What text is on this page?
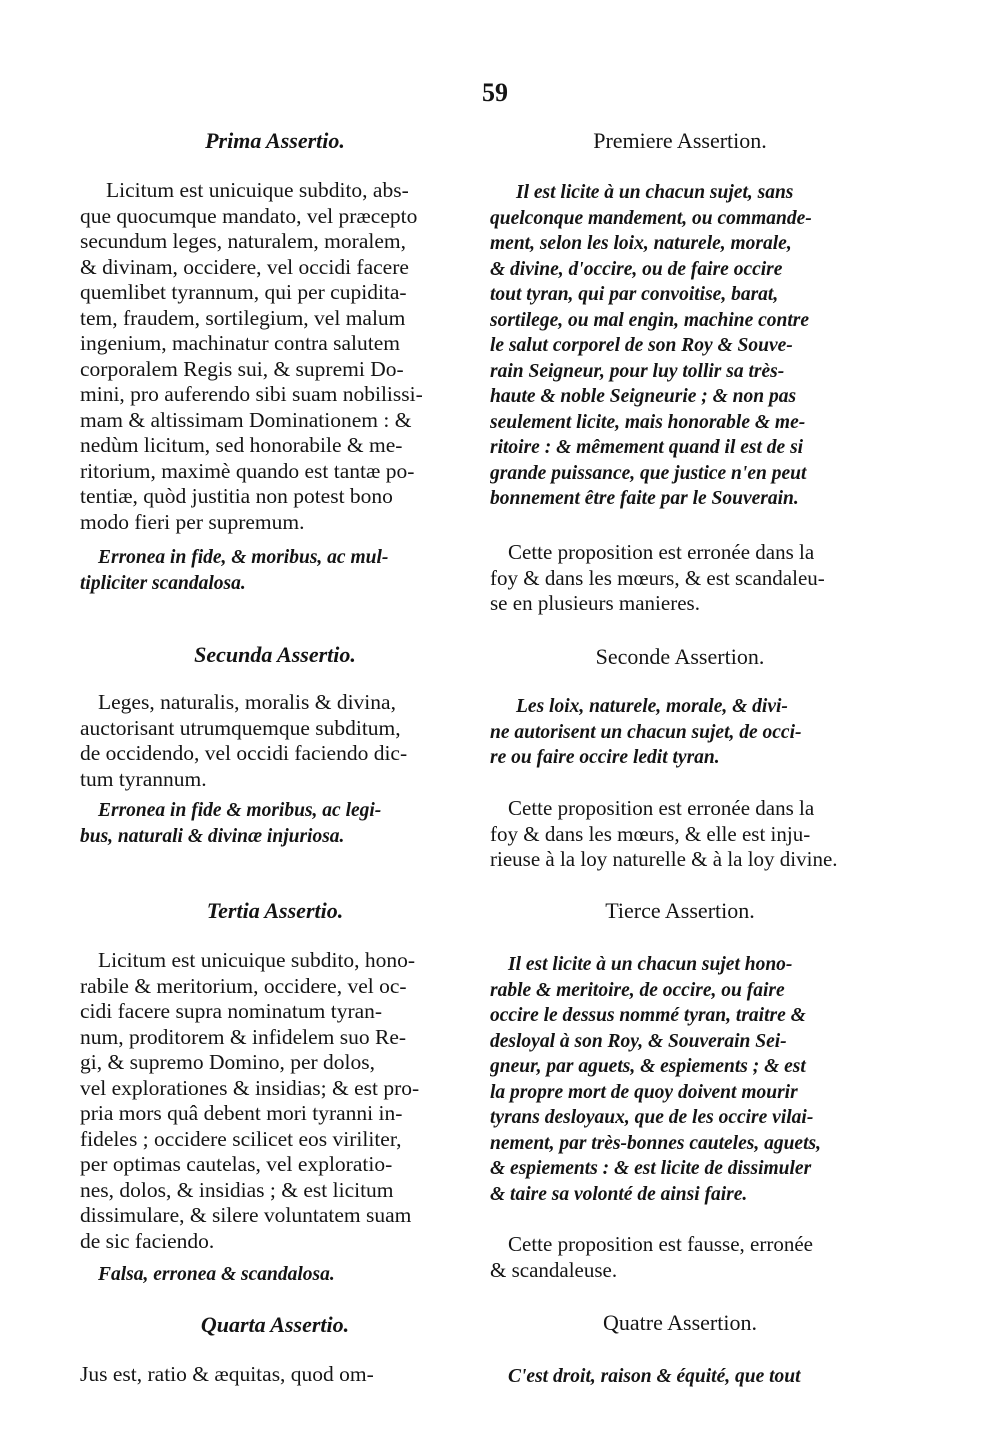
59
Prima Assertio.
Licitum est unicuique subdito, abs-
que quocumque mandato, vel præcepto
secundum leges, naturalem, moralem,
& divinam, occidere, vel occidi facere
quemlibet tyrannum, qui per cupidita-
tem, fraudem, sortilegium, vel malum
ingenium, machinatur contra salutem
corporalem Regis sui, & supremi Do-
mini, pro auferendo sibi suam nobilissi-
mam & altissimam Dominationem : &
nedùm licitum, sed honorabile & me-
ritorium, maximè quando est tantæ po-
tentiæ, quòd justitia non potest bono
modo fieri per supremum.
Erronea in fide, & moribus, ac mul-
tipliciter scandalosa.
Secunda Assertio.
Leges, naturalis, moralis & divina,
auctorisant utrumquemque subditum,
de occidendo, vel occidi faciendo dic-
tum tyrannum.
Erronea in fide & moribus, ac legi-
bus, naturali & divinæ injuriosa.
Tertia Assertio.
Licitum est unicuique subdito, hono-
rabile & meritorium, occidere, vel oc-
cidi facere supra nominatum tyran-
num, proditorem & infidelem suo Re-
gi, & supremo Domino, per dolos,
vel explorationes & insidias; & est pro-
pria mors quâ debent mori tyranni in-
fideles ; occidere scilicet eos viriliter,
per optimas cautelas, vel exploratio-
nes, dolos, & insidias ; & est licitum
dissimulare, & silere voluntatem suam
de sic faciendo.
Falsa, erronea & scandalosa.
Quarta Assertio.
Jus est, ratio & æquitas, quod om-
Premiere Assertion.
Il est licite à un chacun sujet, sans
quelconque mandement, ou commande-
ment, selon les loix, naturele, morale,
& divine, d'occire, ou de faire occire
tout tyran, qui par convoitise, barat,
sortilege, ou mal engin, machine contre
le salut corporel de son Roy & Souve-
rain Seigneur, pour luy tollir sa très-
haute & noble Seigneurie ; & non pas
seulement licite, mais honorable & me-
ritoire : & mêmement quand il est de si
grande puissance, que justice n'en peut
bonnement être faite par le Souverain.
Cette proposition est erronée dans la
foy & dans les mœurs, & est scandaleu-
se en plusieurs manieres.
Seconde Assertion.
Les loix, naturele, morale, & divi-
ne autorisent un chacun sujet, de occi-
re ou faire occire ledit tyran.
Cette proposition est erronée dans la
foy & dans les mœurs, & elle est inju-
rieuse à la loy naturelle & à la loy divine.
Tierce Assertion.
Il est licite à un chacun sujet hono-
rable & meritoire, de occire, ou faire
occire le dessus nommé tyran, traitre &
desloyal à son Roy, & Souverain Sei-
gneur, par aguets, & espiements ; & est
la propre mort de quoy doivent mourir
tyrans desloyaux, que de les occire vilai-
nement, par très-bonnes cauteles, aguets,
& espiements : & est licite de dissimuler
& taire sa volonté de ainsi faire.
Cette proposition est fausse, erronée
& scandaleuse.
Quatre Assertion.
C'est droit, raison & équité, que tout
